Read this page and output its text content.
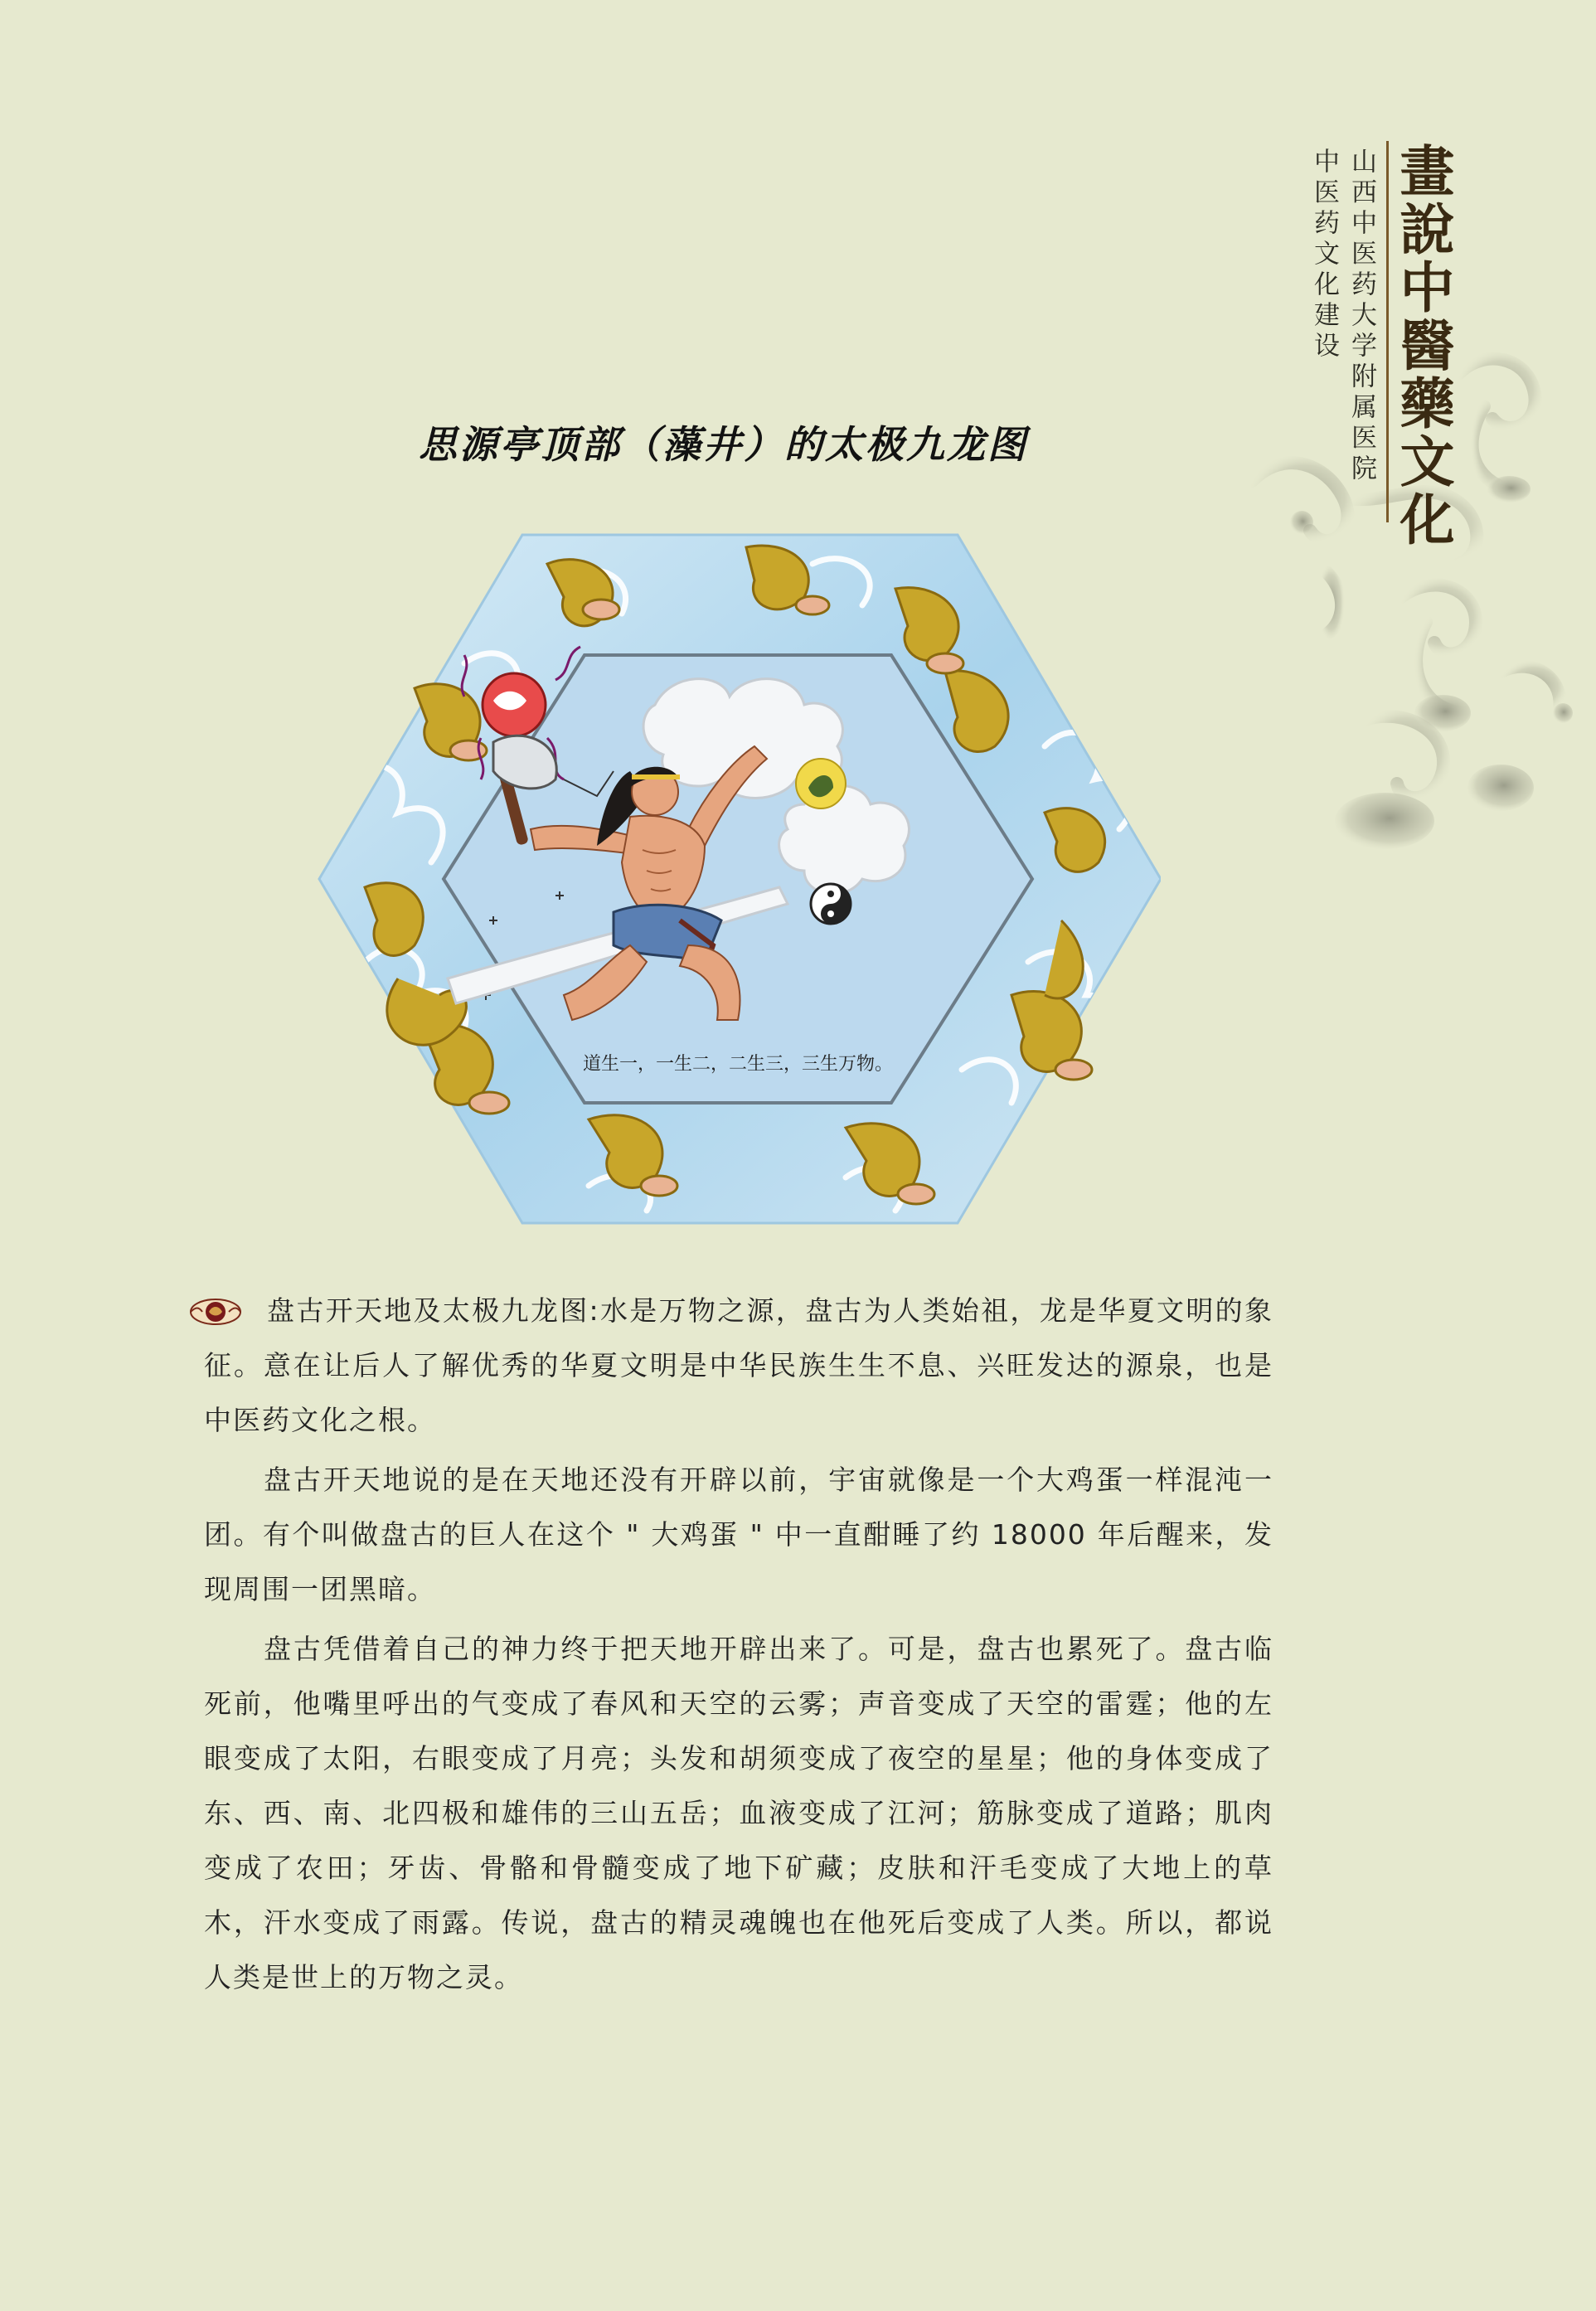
畫說中醫藥文化
山西中医药大学附属医院
中医药文化建设
思源亭顶部（藻井）的太极九龙图
道生一，一生二，二生三，三生万物。

盘古开天地及太极九龙图:水是万物之源，盘古为人类始祖，龙是华夏文明的象征。意在让后人了解优秀的华夏文明是中华民族生生不息、兴旺发达的源泉，也是中医药文化之根。

盘古开天地说的是在天地还没有开辟以前，宇宙就像是一个大鸡蛋一样混沌一团。有个叫做盘古的巨人在这个 " 大鸡蛋 " 中一直酣睡了约 18000 年后醒来，发现周围一团黑暗。

盘古凭借着自己的神力终于把天地开辟出来了。可是，盘古也累死了。盘古临死前，他嘴里呼出的气变成了春风和天空的云雾；声音变成了天空的雷霆；他的左眼变成了太阳，右眼变成了月亮；头发和胡须变成了夜空的星星；他的身体变成了东、西、南、北四极和雄伟的三山五岳；血液变成了江河；筋脉变成了道路；肌肉变成了农田；牙齿、骨骼和骨髓变成了地下矿藏；皮肤和汗毛变成了大地上的草木，汗水变成了雨露。传说，盘古的精灵魂魄也在他死后变成了人类。所以，都说人类是世上的万物之灵。
